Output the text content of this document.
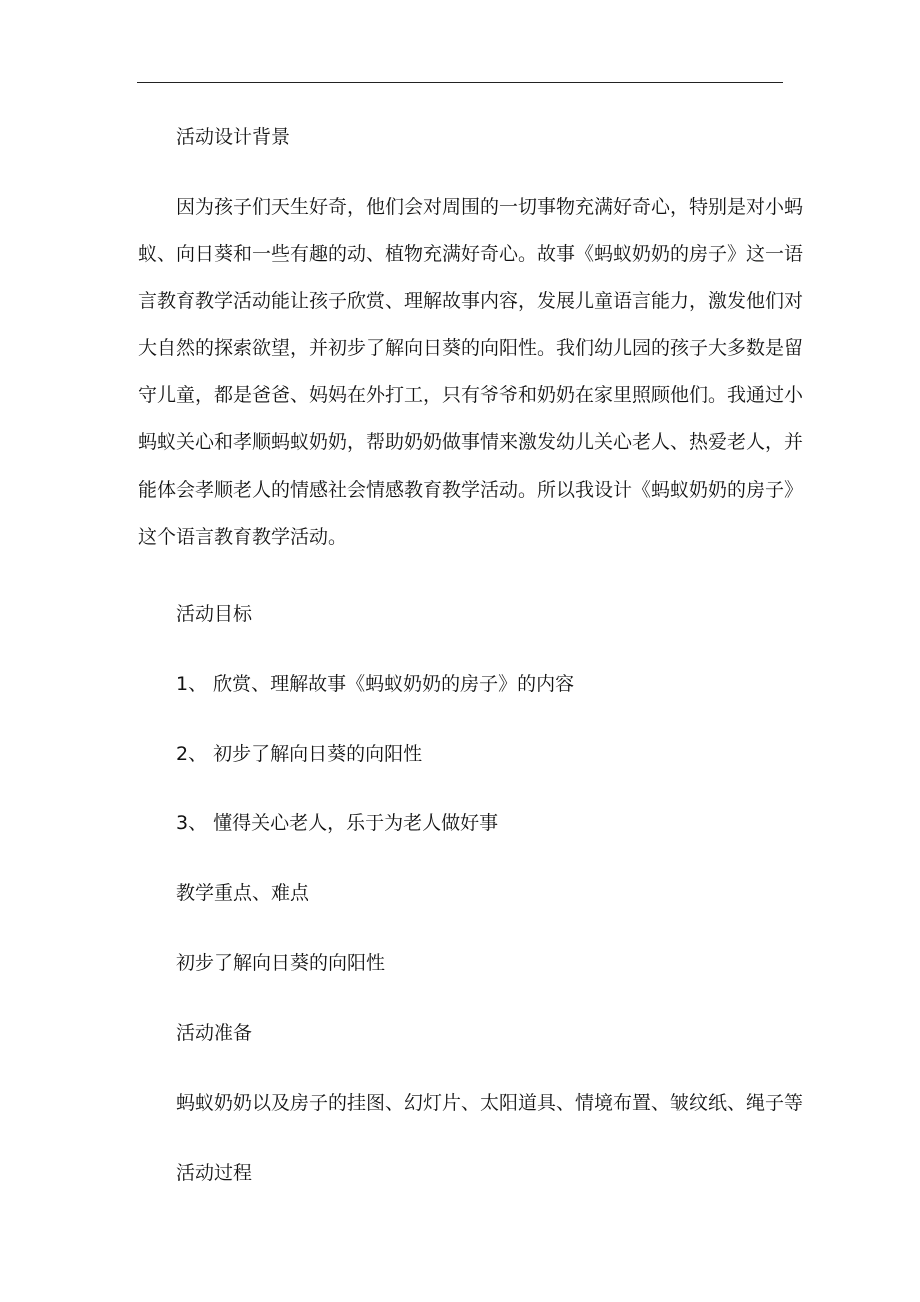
活动设计背景
因为孩子们天生好奇，他们会对周围的一切事物充满好奇心，特别是对小蚂
蚁、向日葵和一些有趣的动、植物充满好奇心。故事《蚂蚁奶奶的房子》这一语
言教育教学活动能让孩子欣赏、理解故事内容，发展儿童语言能力，激发他们对
大自然的探索欲望，并初步了解向日葵的向阳性。我们幼儿园的孩子大多数是留
守儿童，都是爸爸、妈妈在外打工，只有爷爷和奶奶在家里照顾他们。我通过小
蚂蚁关心和孝顺蚂蚁奶奶，帮助奶奶做事情来激发幼儿关心老人、热爱老人，并
能体会孝顺老人的情感社会情感教育教学活动。所以我设计《蚂蚁奶奶的房子》
这个语言教育教学活动。
活动目标
1、 欣赏、理解故事《蚂蚁奶奶的房子》的内容
2、 初步了解向日葵的向阳性
3、 懂得关心老人，乐于为老人做好事
教学重点、难点
初步了解向日葵的向阳性
活动准备
蚂蚁奶奶以及房子的挂图、幻灯片、太阳道具、情境布置、皱纹纸、绳子等
活动过程
